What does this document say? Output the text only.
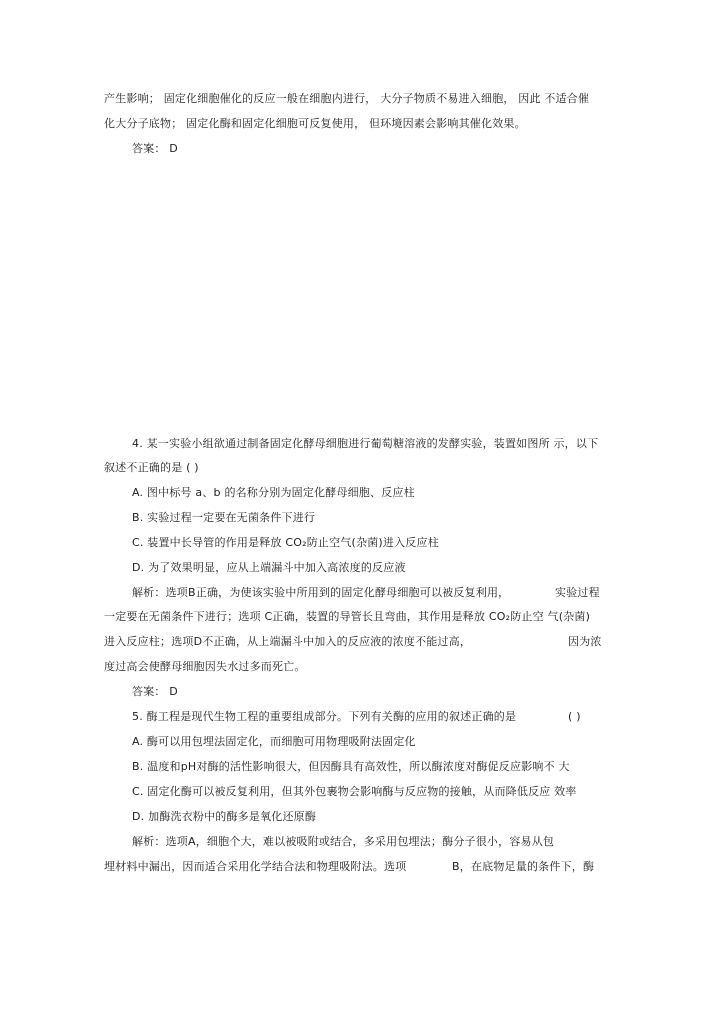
产生影响； 固定化细胞催化的反应一般在细胞内进行， 大分子物质不易进入细胞， 因此 不适合催
化大分子底物； 固定化酶和固定化细胞可反复使用， 但环境因素会影响其催化效果。
答案： D
4. 某一实验小组欲通过制备固定化酵母细胞进行葡萄糖溶液的发酵实验，装置如图所 示，以下
叙述不正确的是 ( )
A. 图中标号 a、b 的名称分别为固定化酵母细胞、反应柱
B. 实验过程一定要在无菌条件下进行
C. 装置中长导管的作用是释放 CO₂防止空气(杂菌)进入反应柱
D. 为了效果明显，应从上端漏斗中加入高浓度的反应液
解析：选项B正确，为使该实验中所用到的固定化酵母细胞可以被反复利用，	实验过程
一定要在无菌条件下进行；选项 C正确，装置的导管长且弯曲，其作用是释放 CO₂防止空 气(杂菌)
进入反应柱；选项D不正确，从上端漏斗中加入的反应液的浓度不能过高，	因为浓
度过高会使酵母细胞因失水过多而死亡。
答案： D
5. 酶工程是现代生物工程的重要组成部分。下列有关酶的应用的叙述正确的是	( )
A. 酶可以用包埋法固定化，而细胞可用物理吸附法固定化
B. 温度和pH对酶的活性影响很大，但因酶具有高效性，所以酶浓度对酶促反应影响不 大
C. 固定化酶可以被反复利用，但其外包裹物会影响酶与反应物的接触，从而降低反应 效率
D. 加酶洗衣粉中的酶多是氧化还原酶
解析：选项A，细胞个大，难以被吸附或结合，多采用包埋法；酶分子很小，容易从包
埋材料中漏出，因而适合采用化学结合法和物理吸附法。选项	B，在底物足量的条件下，酶
